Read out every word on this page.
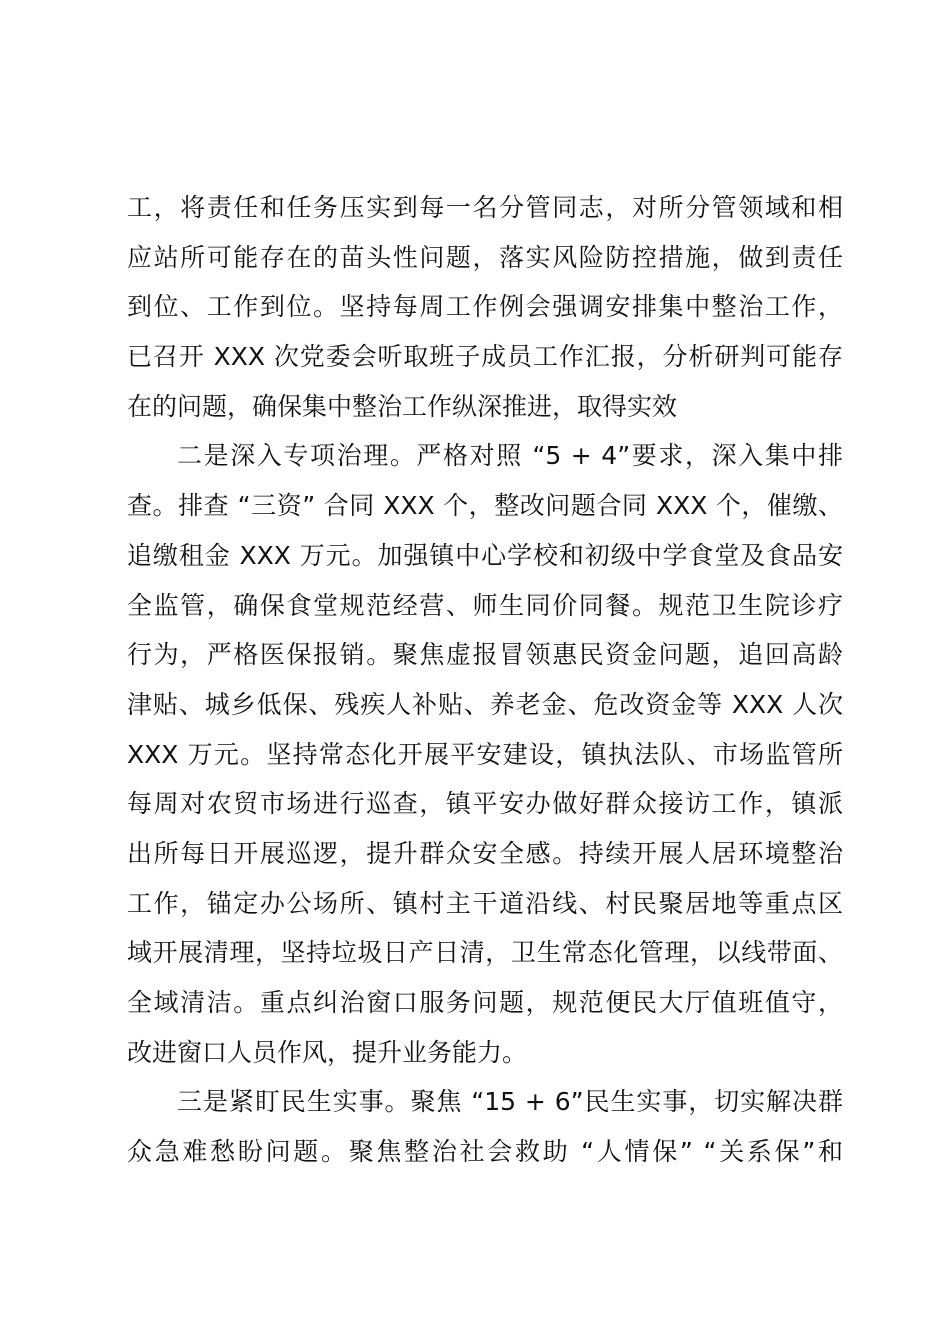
工，将责任和任务压实到每一名分管同志，对所分管领域和相
应站所可能存在的苗头性问题，落实风险防控措施，做到责任
到位、工作到位。坚持每周工作例会强调安排集中整治工作，
已召开 XXX 次党委会听取班子成员工作汇报，分析研判可能存
在的问题，确保集中整治工作纵深推进，取得实效
二是深入专项治理。严格对照 “5 + 4”要求，深入集中排
查。排查 “三资” 合同 XXX 个，整改问题合同 XXX 个，催缴、
追缴租金 XXX 万元。加强镇中心学校和初级中学食堂及食品安
全监管，确保食堂规范经营、师生同价同餐。规范卫生院诊疗
行为，严格医保报销。聚焦虚报冒领惠民资金问题，追回高龄
津贴、城乡低保、残疾人补贴、养老金、危改资金等 XXX 人次
XXX 万元。坚持常态化开展平安建设，镇执法队、市场监管所
每周对农贸市场进行巡查，镇平安办做好群众接访工作，镇派
出所每日开展巡逻，提升群众安全感。持续开展人居环境整治
工作，锚定办公场所、镇村主干道沿线、村民聚居地等重点区
域开展清理，坚持垃圾日产日清，卫生常态化管理，以线带面、
全域清洁。重点纠治窗口服务问题，规范便民大厅值班值守，
改进窗口人员作风，提升业务能力。
三是紧盯民生实事。聚焦 “15 + 6”民生实事，切实解决群
众急难愁盼问题。聚焦整治社会救助 “人情保” “关系保”和
